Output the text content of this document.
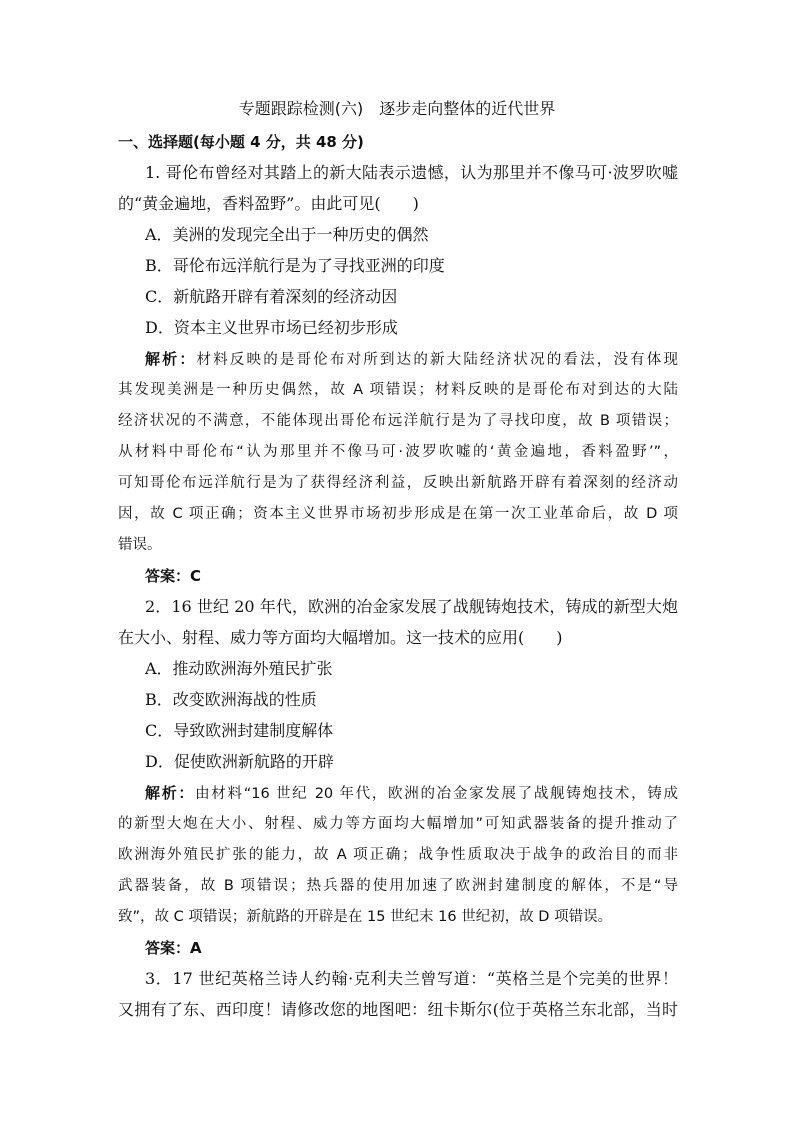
专题跟踪检测(六)　逐步走向整体的近代世界
一、选择题(每小题 4 分，共 48 分)
1. 哥伦布曾经对其踏上的新大陆表示遗憾，认为那里并不像马可·波罗吹嘘
的“黄金遍地，香料盈野”。由此可见(　　)
A．美洲的发现完全出于一种历史的偶然
B．哥伦布远洋航行是为了寻找亚洲的印度
C．新航路开辟有着深刻的经济动因
D．资本主义世界市场已经初步形成
解析：材料反映的是哥伦布对所到达的新大陆经济状况的看法，没有体现
其发现美洲是一种历史偶然，故 A 项错误；材料反映的是哥伦布对到达的大陆
经济状况的不满意，不能体现出哥伦布远洋航行是为了寻找印度，故 B 项错误；
从材料中哥伦布“认为那里并不像马可·波罗吹嘘的‘黄金遍地，香料盈野’”，
可知哥伦布远洋航行是为了获得经济利益，反映出新航路开辟有着深刻的经济动
因，故 C 项正确；资本主义世界市场初步形成是在第一次工业革命后，故 D 项
错误。
答案：C
2．16 世纪 20 年代，欧洲的冶金家发展了战舰铸炮技术，铸成的新型大炮
在大小、射程、威力等方面均大幅增加。这一技术的应用(　　)
A．推动欧洲海外殖民扩张
B．改变欧洲海战的性质
C．导致欧洲封建制度解体
D．促使欧洲新航路的开辟
解析：由材料“16 世纪 20 年代，欧洲的冶金家发展了战舰铸炮技术，铸成
的新型大炮在大小、射程、威力等方面均大幅增加”可知武器装备的提升推动了
欧洲海外殖民扩张的能力，故 A 项正确；战争性质取决于战争的政治目的而非
武器装备，故 B 项错误；热兵器的使用加速了欧洲封建制度的解体，不是“导
致”，故 C 项错误；新航路的开辟是在 15 世纪末 16 世纪初，故 D 项错误。
答案：A
3．17 世纪英格兰诗人约翰·克利夫兰曾写道：“英格兰是个完美的世界！
又拥有了东、西印度！请修改您的地图吧：纽卡斯尔(位于英格兰东北部，当时
